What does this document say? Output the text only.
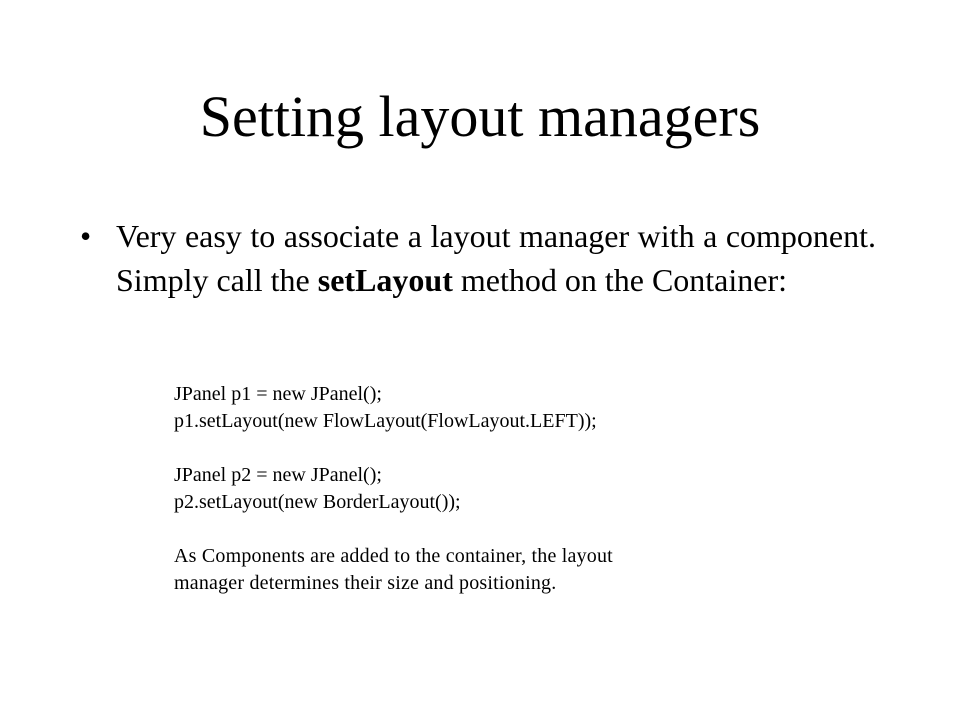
Setting layout managers
• Very easy to associate a layout manager with a component. Simply call the setLayout method on the Container:
JPanel p1 = new JPanel();
p1.setLayout(new FlowLayout(FlowLayout.LEFT));
JPanel p2 = new JPanel();
p2.setLayout(new BorderLayout());
As Components are added to the container, the layout
manager determines their size and positioning.
